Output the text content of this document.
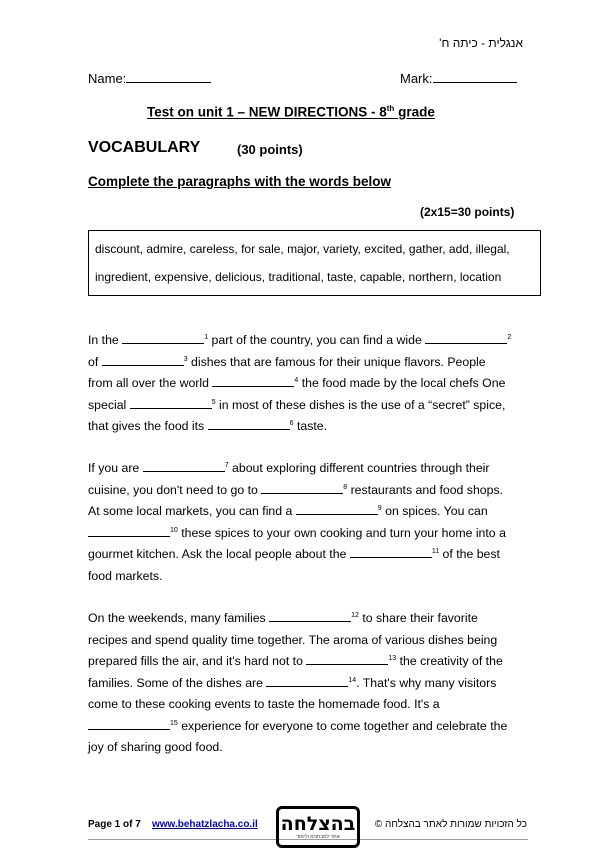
אנגלית - כיתה ח'
Name:	Mark:
Test on unit 1 – NEW DIRECTIONS - 8th grade
VOCABULARY	(30 points)
Complete the paragraphs with the words below
(2x15=30 points)
discount, admire, careless, for sale, major, variety, excited, gather, add, illegal,
ingredient, expensive, delicious, traditional, taste, capable, northern, location
In the	$^1$ part of the country, you can find a wide	$^2$
of	$^3$ dishes that are famous for their unique flavors. People
from all over the world	$^4$ the food made by the local chefs One
special	$^5$ in most of these dishes is the use of a “secret” spice,
that gives the food its	$^6$ taste.
If you are	$^7$ about exploring different countries through their
cuisine, you don't need to go to	$^8$ restaurants and food shops.
At some local markets, you can find a	$^9$ on spices. You can
$^{10}$ these spices to your own cooking and turn your home into a
gourmet kitchen. Ask the local people about the	$^{11}$ of the best
food markets.
On the weekends, many families	$^{12}$ to share their favorite
recipes and spend quality time together. The aroma of various dishes being
prepared fills the air, and it's hard not to	$^{13}$ the creativity of the
families. Some of the dishes are	$^{14}$. That's why many visitors
come to these cooking events to taste the homemade food. It's a
$^{15}$ experience for everyone to come together and celebrate the
joy of sharing good food.
Page 1 of 7 www.behatzlacha.co.il בהצלחה
אתר למבחנים ולימוד
כל הזכויות שמורות לאתר בהצלחה ©
